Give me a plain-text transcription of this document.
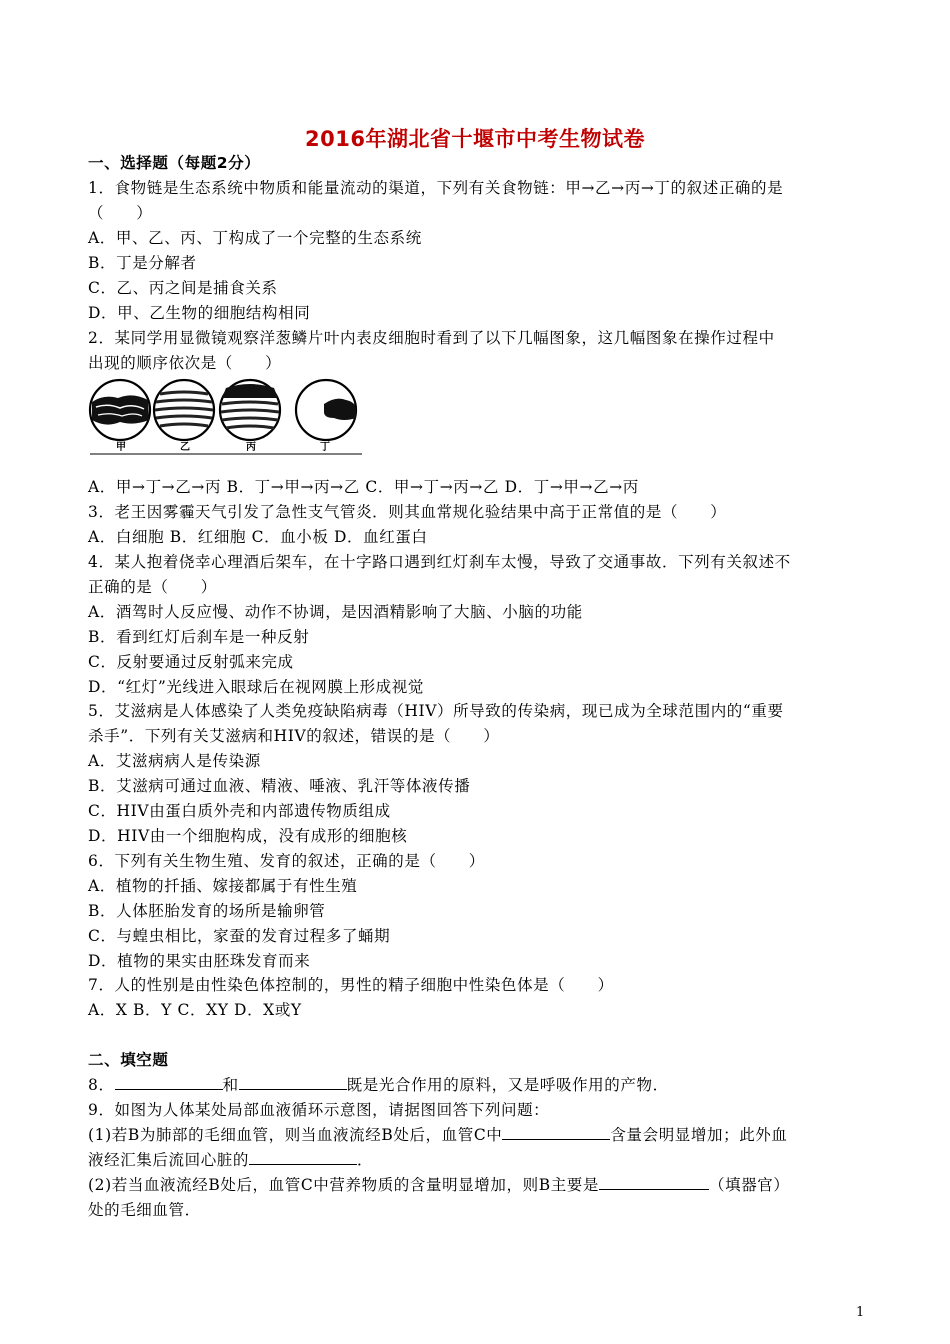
2016年湖北省十堰市中考生物试卷
一、选择题（每题2分）
1．食物链是生态系统中物质和能量流动的渠道，下列有关食物链：甲→乙→丙→丁的叙述正确的是
（　　）
A．甲、乙、丙、丁构成了一个完整的生态系统
B．丁是分解者
C．乙、丙之间是捕食关系
D．甲、乙生物的细胞结构相同
2．某同学用显微镜观察洋葱鳞片叶内表皮细胞时看到了以下几幅图象，这几幅图象在操作过程中
出现的顺序依次是（　　）
甲	乙	丙	丁
A．甲→丁→乙→丙 B．丁→甲→丙→乙 C．甲→丁→丙→乙 D．丁→甲→乙→丙
3．老王因雾霾天气引发了急性支气管炎．则其血常规化验结果中高于正常值的是（　　）
A．白细胞 B．红细胞 C．血小板 D．血红蛋白
4．某人抱着侥幸心理酒后架车，在十字路口遇到红灯刹车太慢，导致了交通事故．下列有关叙述不
正确的是（　　）
A．酒驾时人反应慢、动作不协调，是因酒精影响了大脑、小脑的功能
B．看到红灯后刹车是一种反射
C．反射要通过反射弧来完成
D．“红灯”光线进入眼球后在视网膜上形成视觉
5．艾滋病是人体感染了人类免疫缺陷病毒（HIV）所导致的传染病，现已成为全球范围内的“重要
杀手”．下列有关艾滋病和HIV的叙述，错误的是（　　）
A．艾滋病病人是传染源
B．艾滋病可通过血液、精液、唾液、乳汗等体液传播
C．HIV由蛋白质外壳和内部遗传物质组成
D．HIV由一个细胞构成，没有成形的细胞核
6．下列有关生物生殖、发育的叙述，正确的是（　　）
A．植物的扦插、嫁接都属于有性生殖
B．人体胚胎发育的场所是输卵管
C．与蝗虫相比，家蚕的发育过程多了蛹期
D．植物的果实由胚珠发育而来
7．人的性别是由性染色体控制的，男性的精子细胞中性染色体是（　　）
A．X B．Y C．XY D．X或Y
二、填空题
8．	和	既是光合作用的原料，又是呼吸作用的产物．
9．如图为人体某处局部血液循环示意图，请据图回答下列问题：
(1)若B为肺部的毛细血管，则当血液流经B处后，血管C中	含量会明显增加；此外血
液经汇集后流回心脏的	．
(2)若当血液流经B处后，血管C中营养物质的含量明显增加，则B主要是	（填器官）
处的毛细血管．
1
